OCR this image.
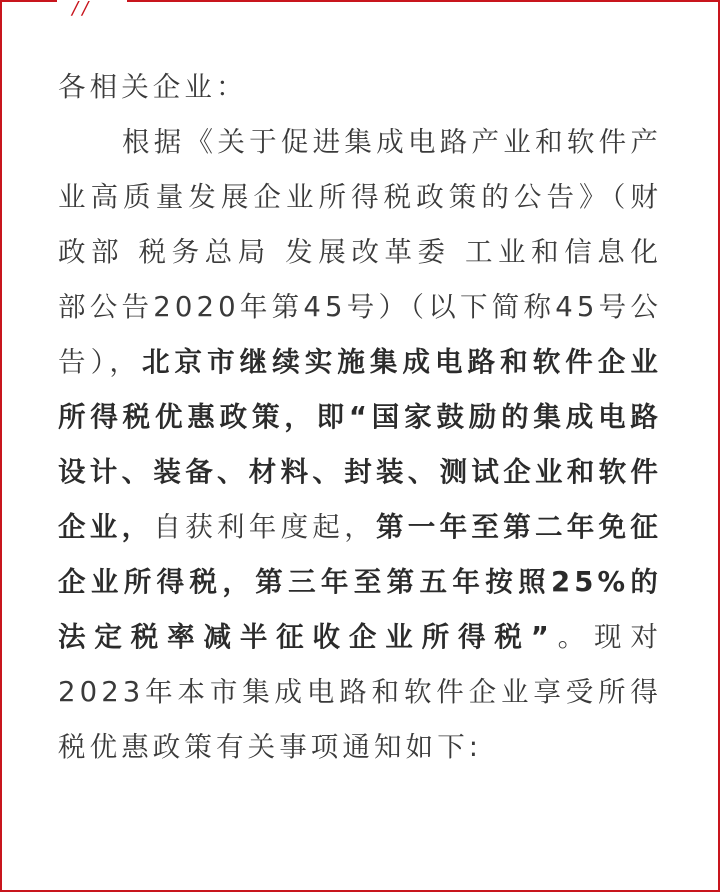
//

各相关企业：

根据《关于促进集成电路产业和软件产业高质量发展企业所得税政策的公告》（财政部 税务总局 发展改革委 工业和信息化部公告2020年第45号）（以下简称45号公告），北京市继续实施集成电路和软件企业所得税优惠政策，即“国家鼓励的集成电路设计、装备、材料、封装、测试企业和软件企业，自获利年度起，第一年至第二年免征企业所得税，第三年至第五年按照25%的法定税率减半征收企业所得税”。现对2023年本市集成电路和软件企业享受所得税优惠政策有关事项通知如下:
